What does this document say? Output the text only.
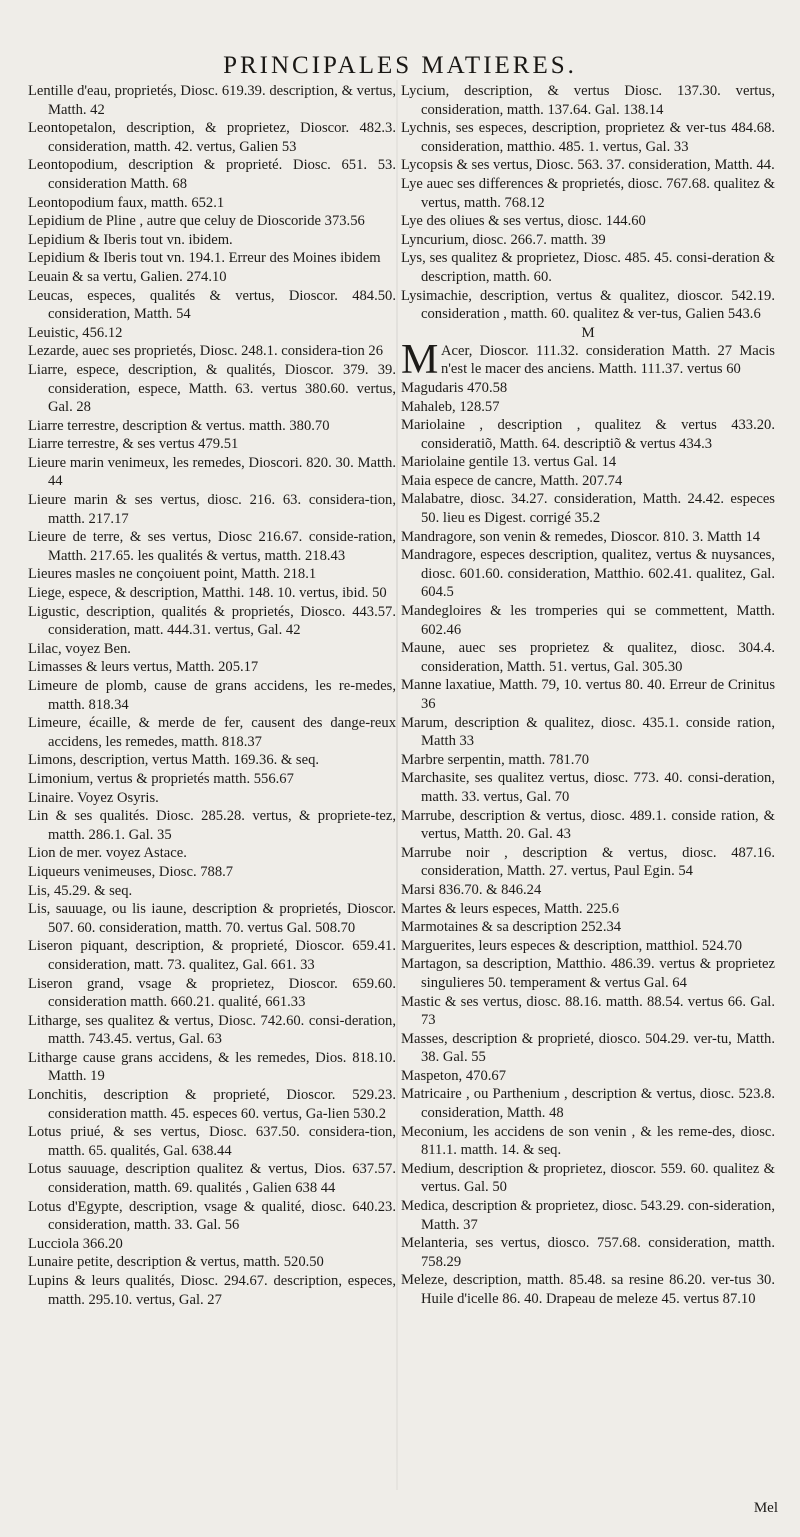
PRINCIPALES MATIERES.
Lentille d'eau, proprietés, Diosc. 619.39. description, & vertus, Matth. 42
Leontopetalon, description, & proprietez, Dioscor. 482.3. consideration, matth. 42. vertus, Galien 53
Leontopodium, description & proprieté. Diosc. 651. 53. consideration Matth. 68
Leontopodium faux, matth. 652.1
Lepidium de Pline , autre que celuy de Dioscoride 373.56
Lepidium & Iberis tout vn. ibidem.
Lepidium & Iberis tout vn. 194.1. Erreur des Moines ibidem
Leuain & sa vertu, Galien. 274.10
Leucas, especes, qualités & vertus, Dioscor. 484.50. consideration, Matth. 54
Leuistic, 456.12
Lezarde, auec ses proprietés, Diosc. 248.1. considera-tion 26
Liarre, espece, description, & qualités, Dioscor. 379. 39. consideration, espece, Matth. 63. vertus 380.60. vertus, Gal. 28
Liarre terrestre, description & vertus. matth. 380.70
Liarre terrestre, & ses vertus 479.51
Lieure marin venimeux, les remedes, Dioscori. 820. 30. Matth. 44
Lieure marin & ses vertus, diosc. 216. 63. considera-tion, matth. 217.17
Lieure de terre, & ses vertus, Diosc 216.67. conside-ration, Matth. 217.65. les qualités & vertus, matth. 218.43
Lieures masles ne conçoiuent point, Matth. 218.1
Liege, espece, & description, Matthi. 148. 10. vertus, ibid. 50
Ligustic, description, qualités & proprietés, Dioscο. 443.57. consideration, matt. 444.31. vertus, Gal. 42
Lilac, voyez Ben.
Limasses & leurs vertus, Matth. 205.17
Limeure de plomb, cause de grans accidens, les re-medes, matth. 818.34
Limeure, écaille, & merde de fer, causent des dange-reux accidens, les remedes, matth. 818.37
Limons, description, vertus Matth. 169.36. & seq.
Limonium, vertus & proprietés matth. 556.67
Linaire. Voyez Osyris.
Lin & ses qualités. Diosc. 285.28. vertus, & propriete-tez, matth. 286.1. Gal. 35
Lion de mer. voyez Astace.
Liqueurs venimeuses, Diosc. 788.7
Lis, 45.29. & seq.
Lis, sauuage, ou lis iaune, description & proprietés, Dioscor. 507. 60. consideration, matth. 70. vertus Gal. 508.70
Liseron piquant, description, & proprieté, Dioscor. 659.41. consideration, matt. 73. qualitez, Gal. 661. 33
Liseron grand, vsage & proprietez, Dioscor. 659.60. consideration matth. 660.21. qualité, 661.33
Litharge, ses qualitez & vertus, Diosc. 742.60. consi-deration, matth. 743.45. vertus, Gal. 63
Litharge cause grans accidens, & les remedes, Dios. 818.10. Matth. 19
Lonchitis, description & proprieté, Dioscor. 529.23. consideration matth. 45. especes 60. vertus, Ga-lien 530.2
Lotus priué, & ses vertus, Diosc. 637.50. considera-tion, matth. 65. qualités, Gal. 638.44
Lotus sauuage, description qualitez & vertus, Dios. 637.57. consideration, matth. 69. qualités , Galien 638 44
Lotus d'Egypte, description, vsage & qualité, diosc. 640.23. consideration, matth. 33. Gal. 56
Lucciola 366.20
Lunaire petite, description & vertus, matth. 520.50
Lupins & leurs qualités, Diosc. 294.67. description, especes, matth. 295.10. vertus, Gal. 27
Lycium, description, & vertus Diosc. 137.30. vertus, consideration, matth. 137.64. Gal. 138.14
Lychnis, ses especes, description, proprietez & ver-tus 484.68. consideration, matthio. 485. 1. vertus, Gal. 33
Lycopsis & ses vertus, Diosc. 563. 37. consideration, Matth. 44.
Lye auec ses differences & proprietés, diosc. 767.68. qualitez & vertus, matth. 768.12
Lye des oliues & ses vertus, diosc. 144.60
Lyncurium, diosc. 266.7. matth. 39
Lys, ses qualitez & proprietez, Diosc. 485. 45. consi-deration & description, matth. 60.
Lysimachie, description, vertus & qualitez, dioscor. 542.19. consideration , matth. 60. qualitez & ver-tus, Galien 543.6
M
M Acer, Dioscor. 111.32. consideration Matth. 27 Macis n'est le macer des anciens. Matth. 111.37. vertus 60
Magudaris 470.58
Mahaleb, 128.57
Mariolaine , description , qualitez & vertus 433.20. consideratiõ, Matth. 64. descriptiõ & vertus 434.3
Mariolaine gentile 13. vertus Gal. 14
Maia espece de cancre, Matth. 207.74
Malabatre, diosc. 34.27. consideration, Matth. 24.42. especes 50. lieu es Digest. corrigé 35.2
Mandragore, son venin & remedes, Dioscor. 810. 3. Matth 14
Mandragore, especes description, qualitez, vertus & nuysances, diosc. 601.60. consideration, Matthio. 602.41. qualitez, Gal. 604.5
Mandegloires & les tromperies qui se commettent, Matth. 602.46
Maune, auec ses proprietez & qualitez, diosc. 304.4. consideration, Matth. 51. vertus, Gal. 305.30
Manne laxatiue, Matth. 79, 10. vertus 80. 40. Erreur de Crinitus 36
Marum, description & qualitez, diosc. 435.1. conside ration, Matth 33
Marbre serpentin, matth. 781.70
Marchasite, ses qualitez vertus, diosc. 773. 40. consi-deration, matth. 33. vertus, Gal. 70
Marrube, description & vertus, diosc. 489.1. conside ration, & vertus, Matth. 20. Gal. 43
Marrube noir , description & vertus, diosc. 487.16. consideration, Matth. 27. vertus, Paul Egin. 54
Marsi 836.70. & 846.24
Martes & leurs especes, Matth. 225.6
Marmotaines & sa description 252.34
Marguerites, leurs especes & description, matthiol. 524.70
Martagon, sa description, Matthio. 486.39. vertus & proprietez singulieres 50. temperament & vertus Gal. 64
Mastic & ses vertus, diosc. 88.16. matth. 88.54. vertus 66. Gal. 73
Masses, description & proprieté, diosco. 504.29. ver-tu, Matth. 38. Gal. 55
Maspeton, 470.67
Matricaire , ou Parthenium , description & vertus, diosc. 523.8. consideration, Matth. 48
Meconium, les accidens de son venin , & les reme-des, diosc. 811.1. matth. 14. & seq.
Medium, description & proprietez, dioscor. 559. 60. qualitez & vertus. Gal. 50
Medica, description & proprietez, diosc. 543.29. con-sideration, Matth. 37
Melanteria, ses vertus, diosco. 757.68. consideration, matth. 758.29
Meleze, description, matth. 85.48. sa resine 86.20. ver-tus 30. Huile d'icelle 86. 40. Drapeau de meleze 45. vertus 87.10
Mel
